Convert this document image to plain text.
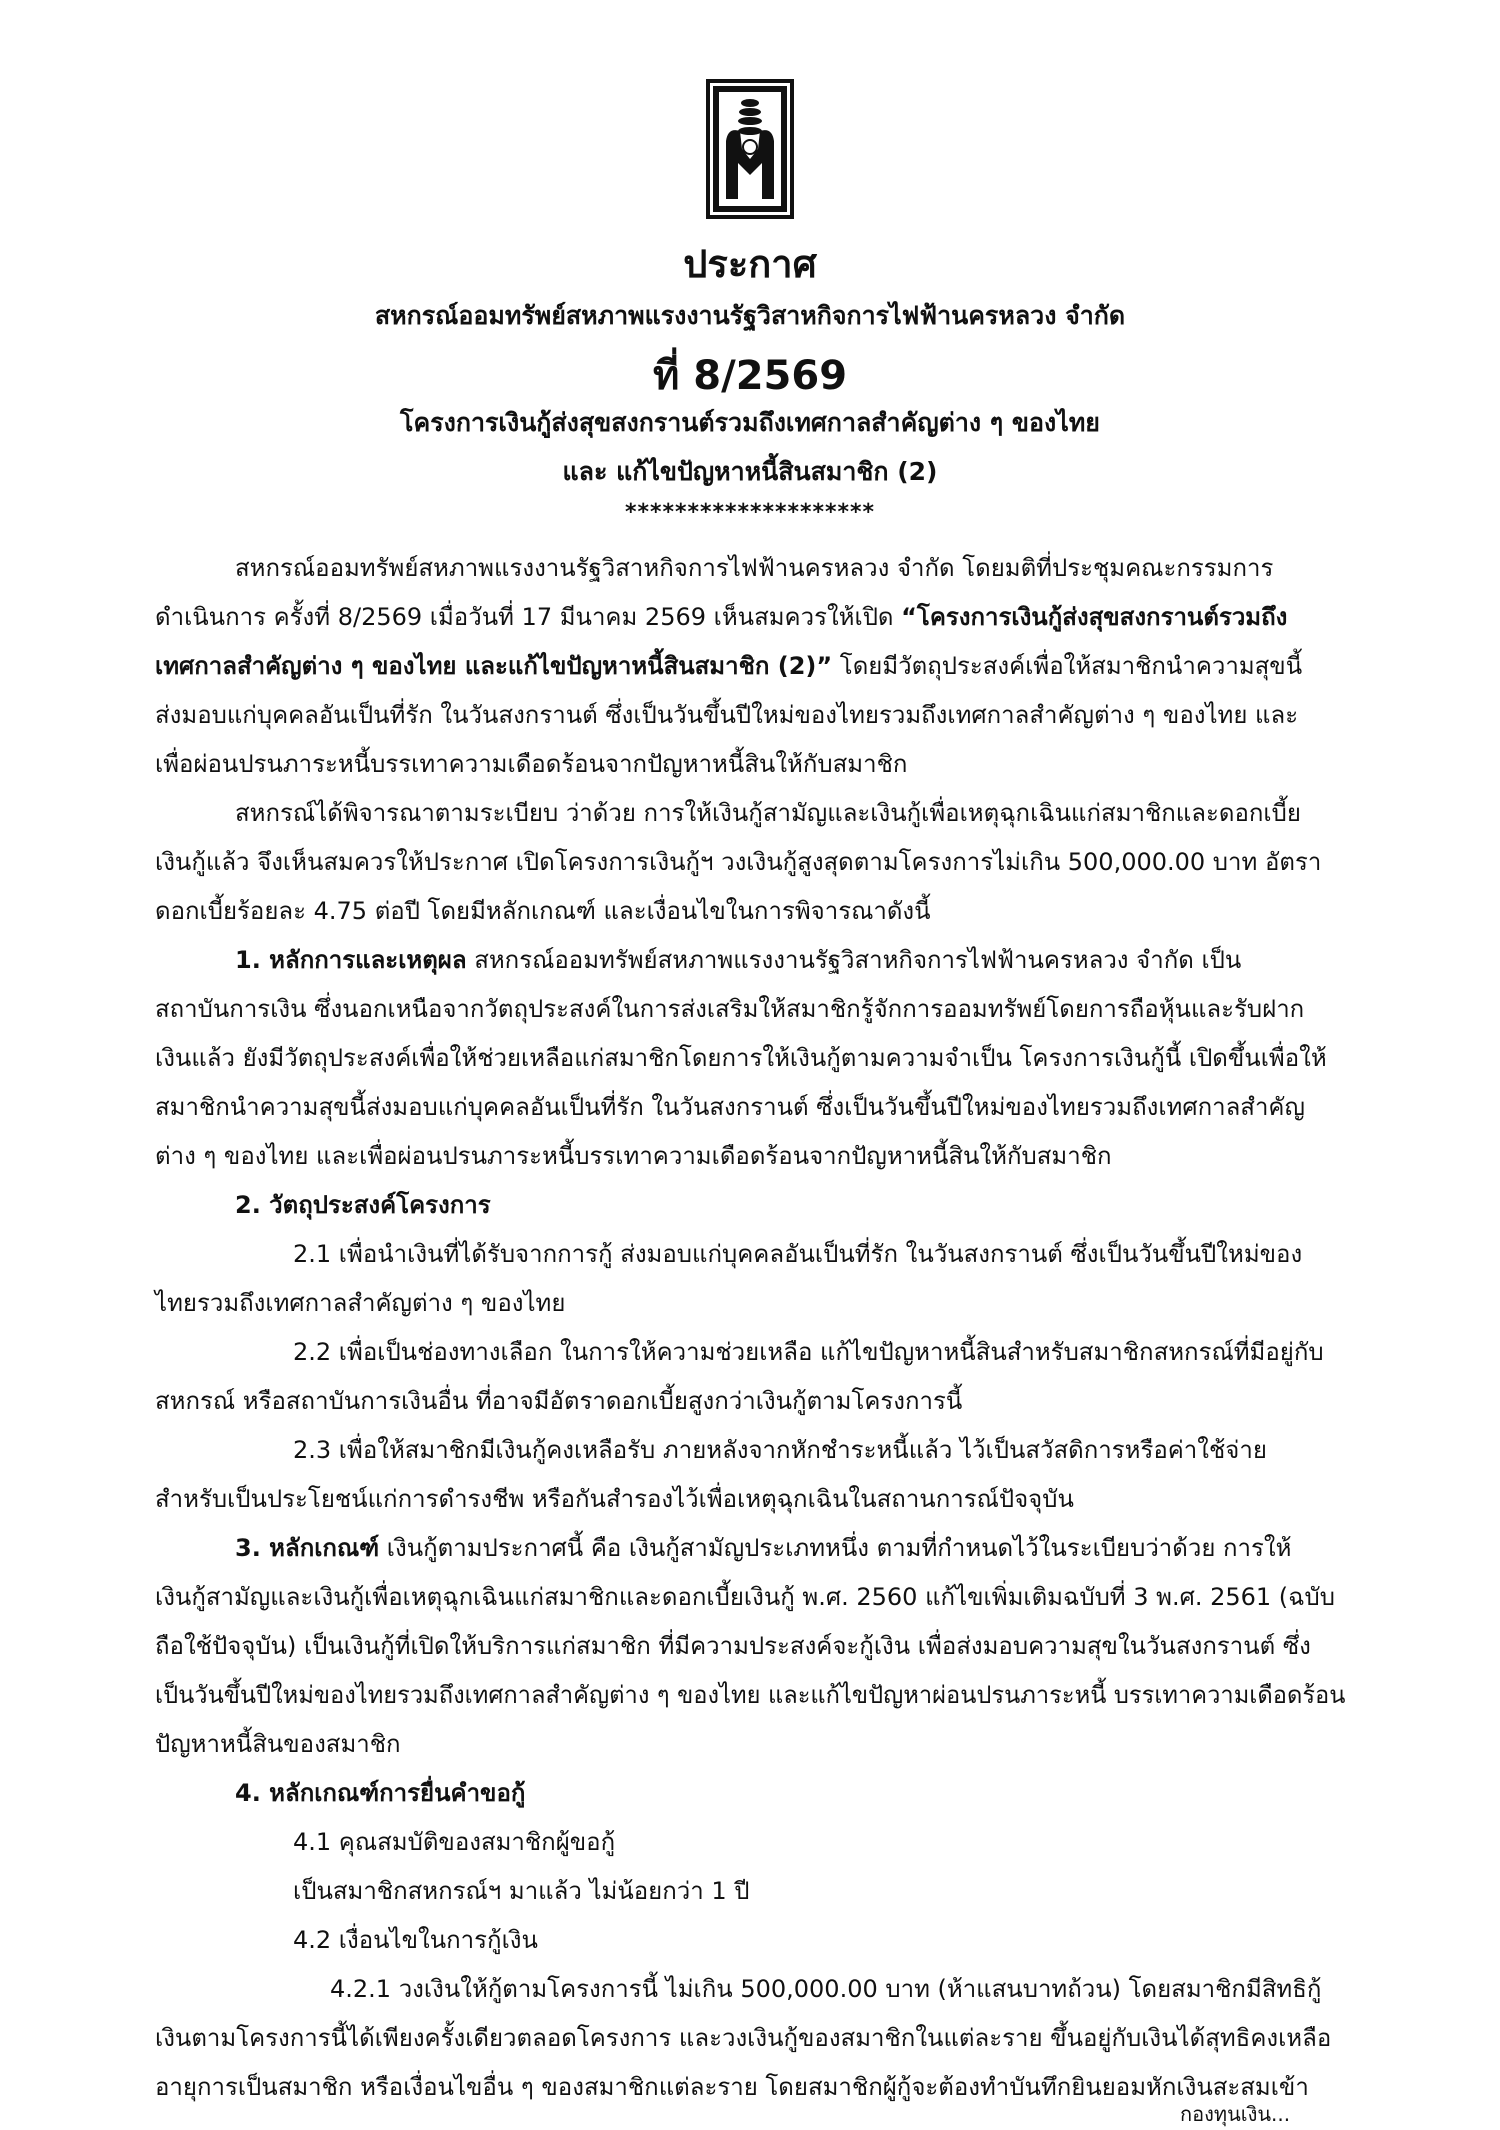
ประกาศ
สหกรณ์ออมทรัพย์สหภาพแรงงานรัฐวิสาหกิจการไฟฟ้านครหลวง จำกัด
ที่ 8/2569
โครงการเงินกู้ส่งสุขสงกรานต์รวมถึงเทศกาลสำคัญต่าง ๆ ของไทย
และ แก้ไขปัญหาหนี้สินสมาชิก (2)
********************
สหกรณ์ออมทรัพย์สหภาพแรงงานรัฐวิสาหกิจการไฟฟ้านครหลวง จำกัด โดยมติที่ประชุมคณะกรรมการ
ดำเนินการ ครั้งที่ 8/2569 เมื่อวันที่ 17 มีนาคม 2569 เห็นสมควรให้เปิด “โครงการเงินกู้ส่งสุขสงกรานต์รวมถึง
เทศกาลสำคัญต่าง ๆ ของไทย และแก้ไขปัญหาหนี้สินสมาชิก (2)” โดยมีวัตถุประสงค์เพื่อให้สมาชิกนำความสุขนี้
ส่งมอบแก่บุคคลอันเป็นที่รัก ในวันสงกรานต์ ซึ่งเป็นวันขึ้นปีใหม่ของไทยรวมถึงเทศกาลสำคัญต่าง ๆ ของไทย และ
เพื่อผ่อนปรนภาระหนี้บรรเทาความเดือดร้อนจากปัญหาหนี้สินให้กับสมาชิก
สหกรณ์ได้พิจารณาตามระเบียบ ว่าด้วย การให้เงินกู้สามัญและเงินกู้เพื่อเหตุฉุกเฉินแก่สมาชิกและดอกเบี้ย
เงินกู้แล้ว จึงเห็นสมควรให้ประกาศ เปิดโครงการเงินกู้ฯ วงเงินกู้สูงสุดตามโครงการไม่เกิน 500,000.00 บาท อัตรา
ดอกเบี้ยร้อยละ 4.75 ต่อปี โดยมีหลักเกณฑ์ และเงื่อนไขในการพิจารณาดังนี้
1. หลักการและเหตุผล สหกรณ์ออมทรัพย์สหภาพแรงงานรัฐวิสาหกิจการไฟฟ้านครหลวง จำกัด เป็น
สถาบันการเงิน ซึ่งนอกเหนือจากวัตถุประสงค์ในการส่งเสริมให้สมาชิกรู้จักการออมทรัพย์โดยการถือหุ้นและรับฝาก
เงินแล้ว ยังมีวัตถุประสงค์เพื่อให้ช่วยเหลือแก่สมาชิกโดยการให้เงินกู้ตามความจำเป็น โครงการเงินกู้นี้ เปิดขึ้นเพื่อให้
สมาชิกนำความสุขนี้ส่งมอบแก่บุคคลอันเป็นที่รัก ในวันสงกรานต์ ซึ่งเป็นวันขึ้นปีใหม่ของไทยรวมถึงเทศกาลสำคัญ
ต่าง ๆ ของไทย และเพื่อผ่อนปรนภาระหนี้บรรเทาความเดือดร้อนจากปัญหาหนี้สินให้กับสมาชิก
2. วัตถุประสงค์โครงการ
2.1 เพื่อนำเงินที่ได้รับจากการกู้ ส่งมอบแก่บุคคลอันเป็นที่รัก ในวันสงกรานต์ ซึ่งเป็นวันขึ้นปีใหม่ของ
ไทยรวมถึงเทศกาลสำคัญต่าง ๆ ของไทย
2.2 เพื่อเป็นช่องทางเลือก ในการให้ความช่วยเหลือ แก้ไขปัญหาหนี้สินสำหรับสมาชิกสหกรณ์ที่มีอยู่กับ
สหกรณ์ หรือสถาบันการเงินอื่น ที่อาจมีอัตราดอกเบี้ยสูงกว่าเงินกู้ตามโครงการนี้
2.3 เพื่อให้สมาชิกมีเงินกู้คงเหลือรับ ภายหลังจากหักชำระหนี้แล้ว ไว้เป็นสวัสดิการหรือค่าใช้จ่าย
สำหรับเป็นประโยชน์แก่การดำรงชีพ หรือกันสำรองไว้เพื่อเหตุฉุกเฉินในสถานการณ์ปัจจุบัน
3. หลักเกณฑ์ เงินกู้ตามประกาศนี้ คือ เงินกู้สามัญประเภทหนึ่ง ตามที่กำหนดไว้ในระเบียบว่าด้วย การให้
เงินกู้สามัญและเงินกู้เพื่อเหตุฉุกเฉินแก่สมาชิกและดอกเบี้ยเงินกู้ พ.ศ. 2560 แก้ไขเพิ่มเติมฉบับที่ 3 พ.ศ. 2561 (ฉบับ
ถือใช้ปัจจุบัน) เป็นเงินกู้ที่เปิดให้บริการแก่สมาชิก ที่มีความประสงค์จะกู้เงิน เพื่อส่งมอบความสุขในวันสงกรานต์ ซึ่ง
เป็นวันขึ้นปีใหม่ของไทยรวมถึงเทศกาลสำคัญต่าง ๆ ของไทย และแก้ไขปัญหาผ่อนปรนภาระหนี้ บรรเทาความเดือดร้อน
ปัญหาหนี้สินของสมาชิก
4. หลักเกณฑ์การยื่นคำขอกู้
4.1 คุณสมบัติของสมาชิกผู้ขอกู้
เป็นสมาชิกสหกรณ์ฯ มาแล้ว ไม่น้อยกว่า 1 ปี
4.2 เงื่อนไขในการกู้เงิน
4.2.1 วงเงินให้กู้ตามโครงการนี้ ไม่เกิน 500,000.00 บาท (ห้าแสนบาทถ้วน) โดยสมาชิกมีสิทธิกู้
เงินตามโครงการนี้ได้เพียงครั้งเดียวตลอดโครงการ และวงเงินกู้ของสมาชิกในแต่ละราย ขึ้นอยู่กับเงินได้สุทธิคงเหลือ
อายุการเป็นสมาชิก หรือเงื่อนไขอื่น ๆ ของสมาชิกแต่ละราย โดยสมาชิกผู้กู้จะต้องทำบันทึกยินยอมหักเงินสะสมเข้า
กองทุนเงิน...
